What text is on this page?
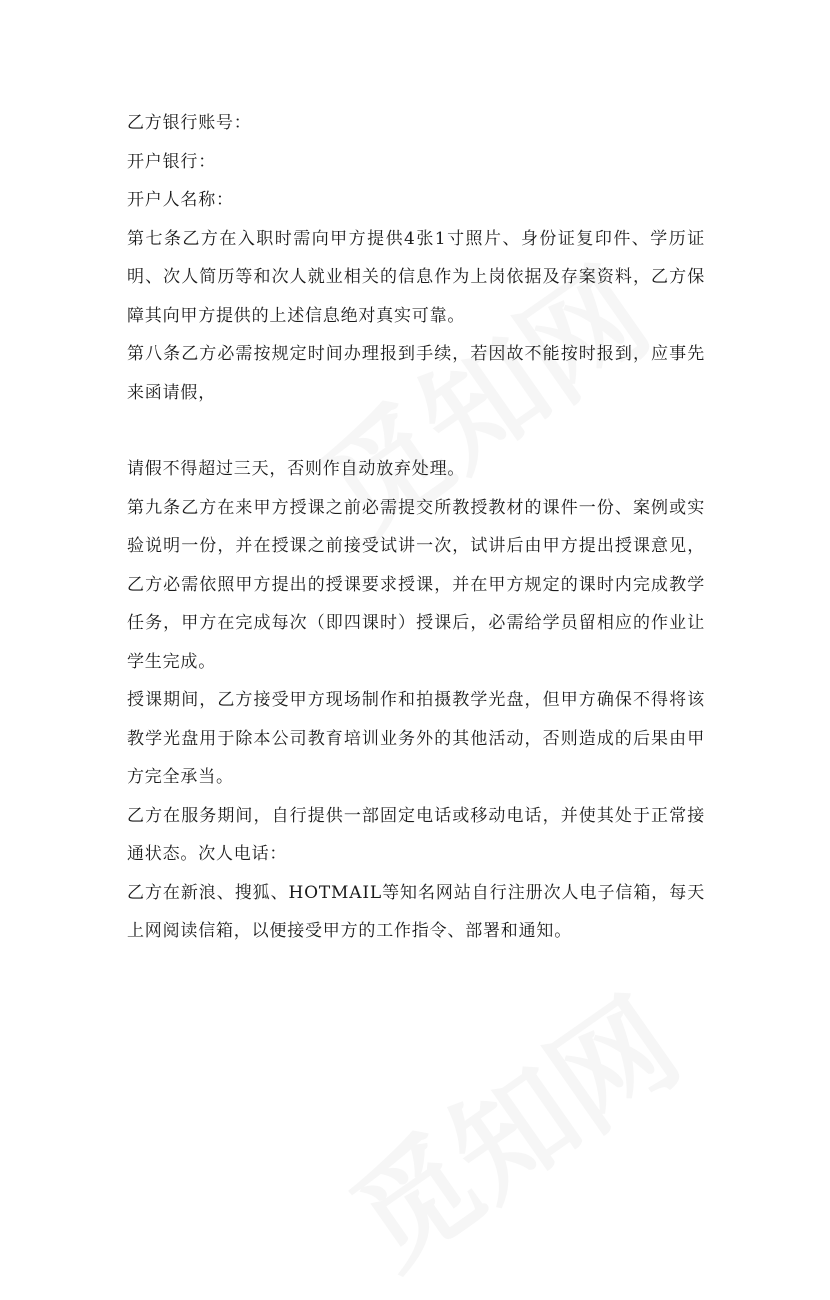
乙方银行账号：

开户银行：

开户人名称：

第七条乙方在入职时需向甲方提供4张1寸照片、身份证复印件、学历证明、次人简历等和次人就业相关的信息作为上岗依据及存案资料，乙方保障其向甲方提供的上述信息绝对真实可靠。

第八条乙方必需按规定时间办理报到手续，若因故不能按时报到，应事先来函请假，

请假不得超过三天，否则作自动放弃处理。

第九条乙方在来甲方授课之前必需提交所教授教材的课件一份、案例或实验说明一份，并在授课之前接受试讲一次，试讲后由甲方提出授课意见，乙方必需依照甲方提出的授课要求授课，并在甲方规定的课时内完成教学任务，甲方在完成每次（即四课时）授课后，必需给学员留相应的作业让学生完成。

授课期间，乙方接受甲方现场制作和拍摄教学光盘，但甲方确保不得将该教学光盘用于除本公司教育培训业务外的其他活动，否则造成的后果由甲方完全承当。

乙方在服务期间，自行提供一部固定电话或移动电话，并使其处于正常接通状态。次人电话：

乙方在新浪、搜狐、HOTMAIL等知名网站自行注册次人电子信箱，每天上网阅读信箱，以便接受甲方的工作指令、部署和通知。
